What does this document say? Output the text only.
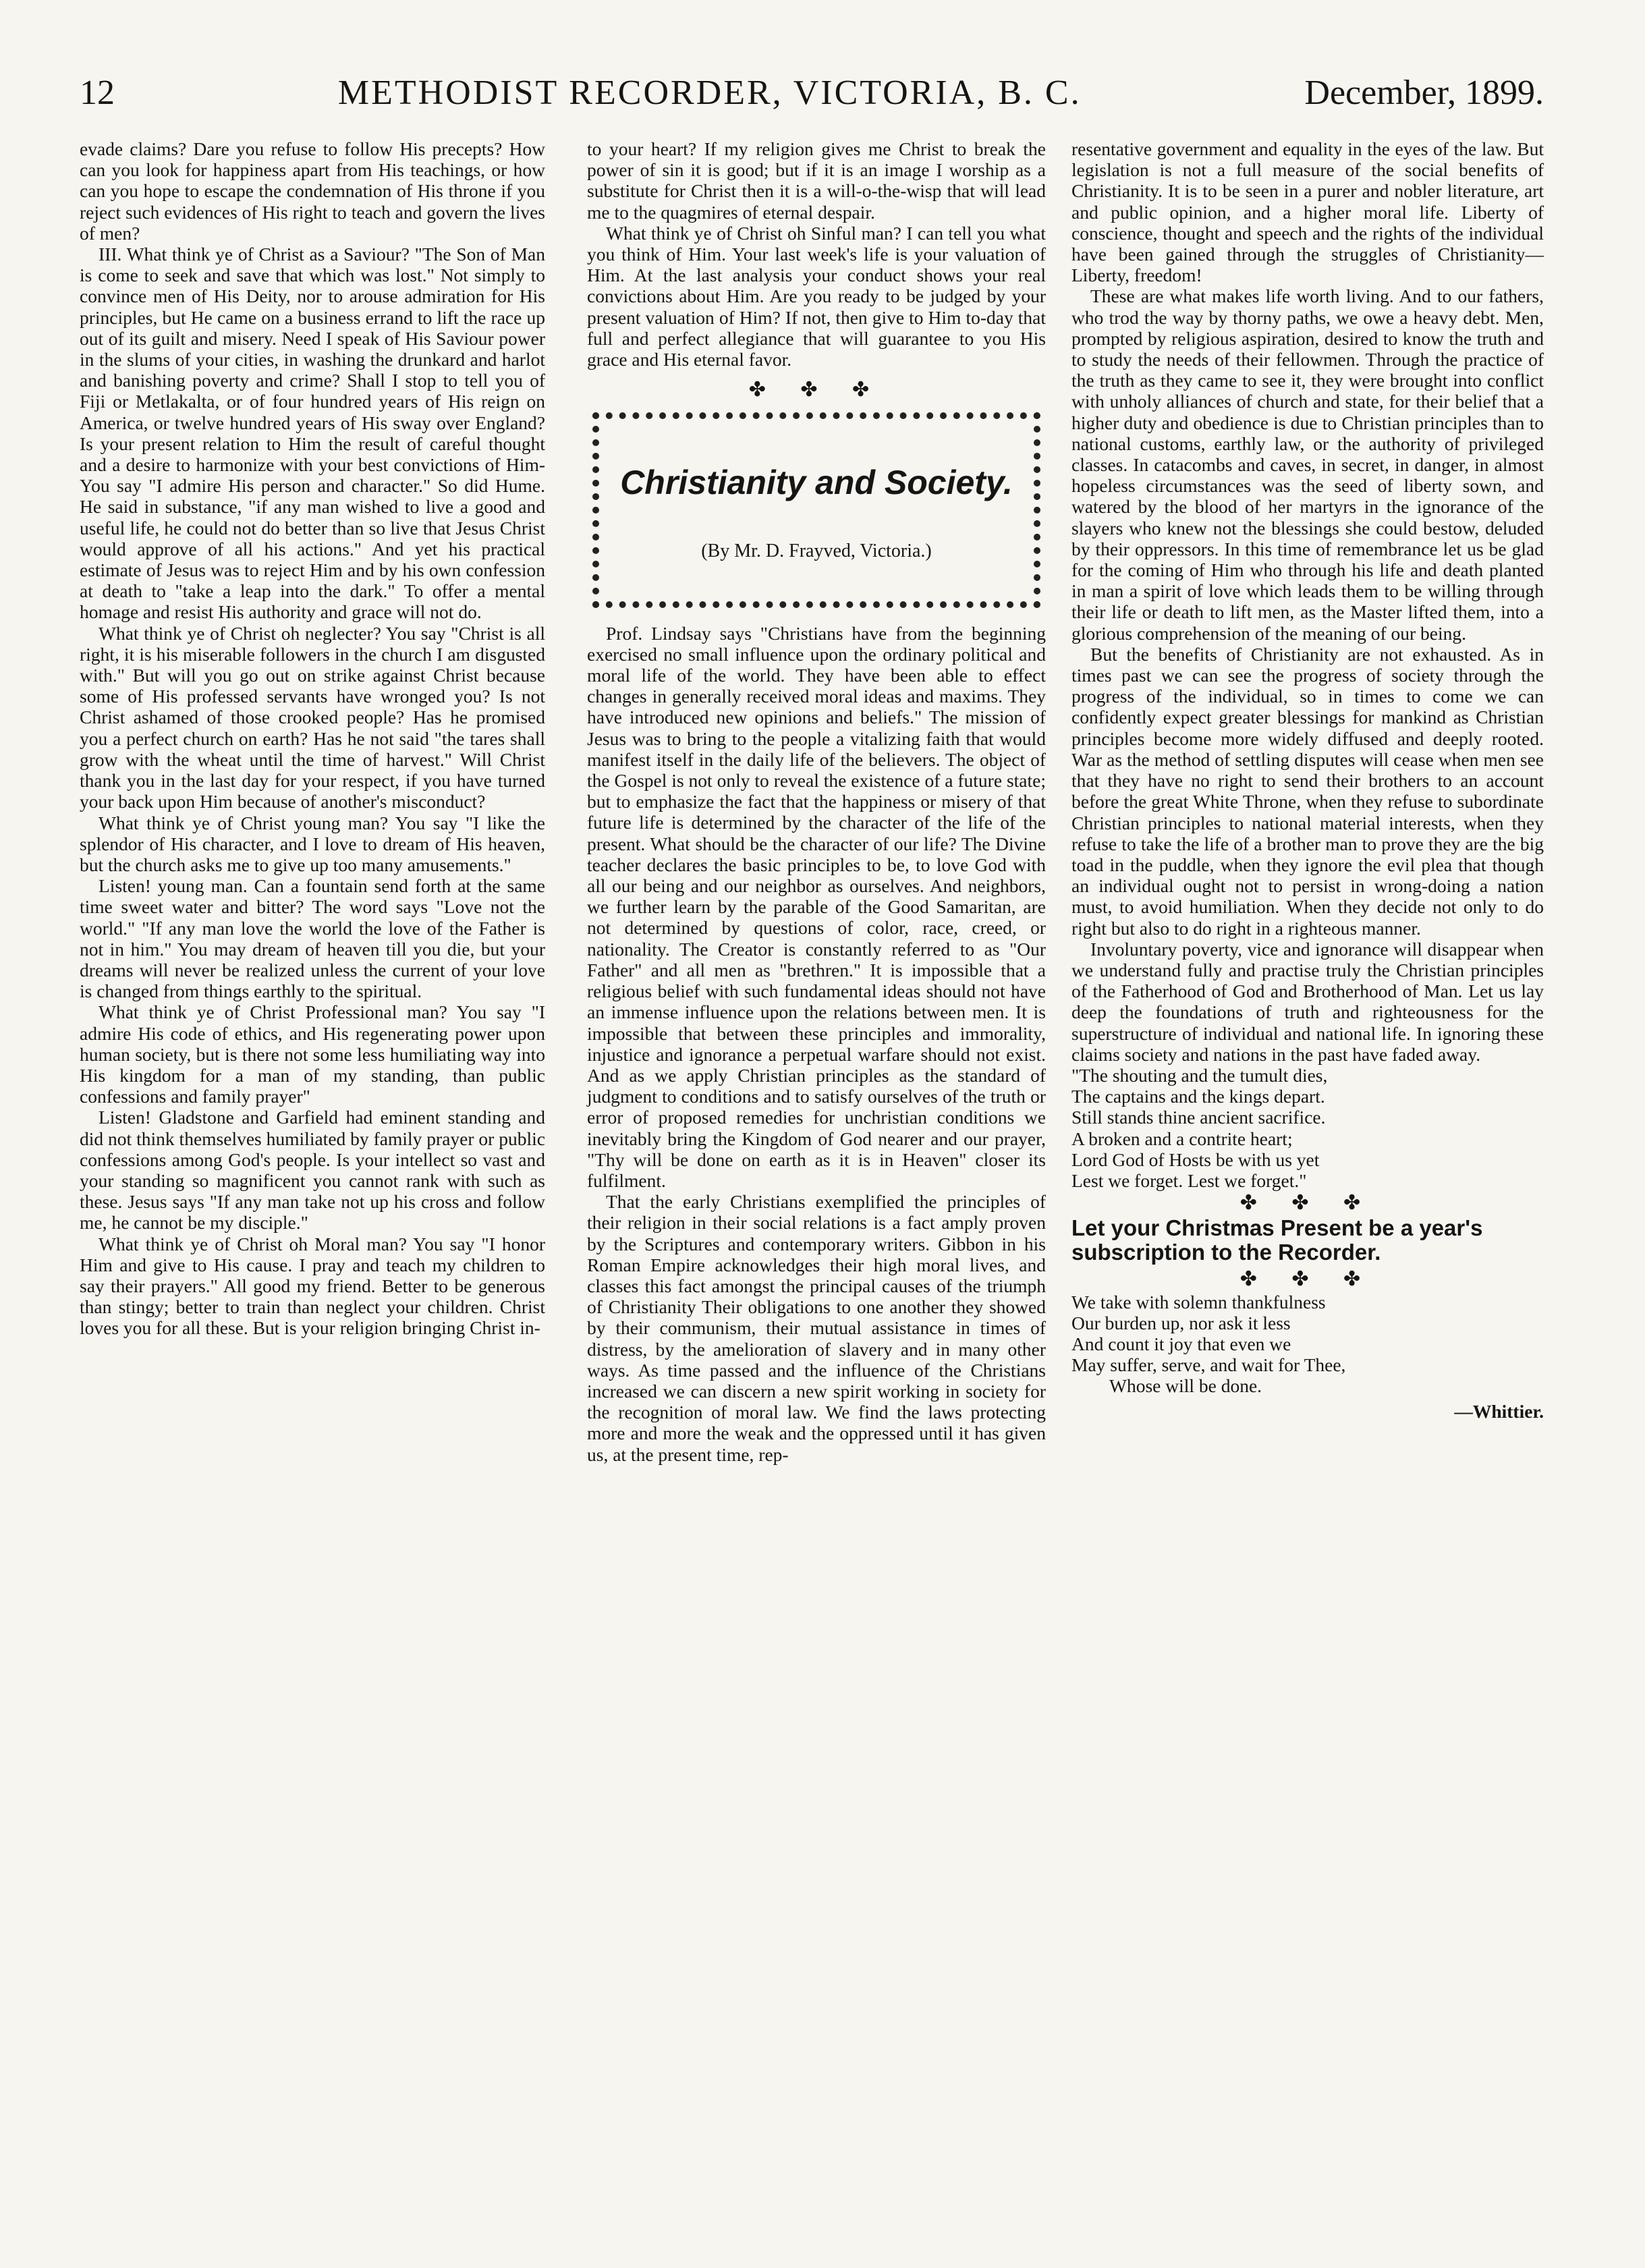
12	METHODIST RECORDER, VICTORIA, B. C.	December, 1899.

evade claims? Dare you refuse to follow His precepts? How can you look for happiness apart from His teachings, or how can you hope to escape the condemnation of His throne if you reject such evidences of His right to teach and govern the lives of men?

III. What think ye of Christ as a Saviour? "The Son of Man is come to seek and save that which was lost." Not simply to convince men of His Deity, nor to arouse admiration for His principles, but He came on a business errand to lift the race up out of its guilt and misery. Need I speak of His Saviour power in the slums of your cities, in washing the drunkard and harlot and banishing poverty and crime? Shall I stop to tell you of Fiji or Metlakalta, or of four hundred years of His reign on America, or twelve hundred years of His sway over England? Is your present relation to Him the result of careful thought and a desire to harmonize with your best convictions of Him- You say "I admire His person and character." So did Hume. He said in substance, "if any man wished to live a good and useful life, he could not do better than so live that Jesus Christ would approve of all his actions." And yet his practical estimate of Jesus was to reject Him and by his own confession at death to "take a leap into the dark." To offer a mental homage and resist His authority and grace will not do.

What think ye of Christ oh neglecter? You say "Christ is all right, it is his miserable followers in the church I am disgusted with." But will you go out on strike against Christ because some of His professed servants have wronged you? Is not Christ ashamed of those crooked people? Has he promised you a perfect church on earth? Has he not said "the tares shall grow with the wheat until the time of harvest." Will Christ thank you in the last day for your respect, if you have turned your back upon Him because of another's misconduct?

What think ye of Christ young man? You say "I like the splendor of His character, and I love to dream of His heaven, but the church asks me to give up too many amusements."

Listen! young man. Can a fountain send forth at the same time sweet water and bitter? The word says "Love not the world." "If any man love the world the love of the Father is not in him." You may dream of heaven till you die, but your dreams will never be realized unless the current of your love is changed from things earthly to the spiritual.

What think ye of Christ Professional man? You say "I admire His code of ethics, and His regenerating power upon human society, but is there not some less humiliating way into His kingdom for a man of my standing, than public confessions and family prayer"

Listen! Gladstone and Garfield had eminent standing and did not think themselves humiliated by family prayer or public confessions among God's people. Is your intellect so vast and your standing so magnificent you cannot rank with such as these. Jesus says "If any man take not up his cross and follow me, he cannot be my disciple."

What think ye of Christ oh Moral man? You say "I honor Him and give to His cause. I pray and teach my children to say their prayers." All good my friend. Better to be generous than stingy; better to train than neglect your children. Christ loves you for all these. But is your religion bringing Christ in-

to your heart? If my religion gives me Christ to break the power of sin it is good; but if it is an image I worship as a substitute for Christ then it is a will-o-the-wisp that will lead me to the quagmires of eternal despair.

What think ye of Christ oh Sinful man? I can tell you what you think of Him. Your last week's life is your valuation of Him. At the last analysis your conduct shows your real convictions about Him. Are you ready to be judged by your present valuation of Him? If not, then give to Him to-day that full and perfect allegiance that will guarantee to you His grace and His eternal favor.

✤ ✤ ✤
Christianity and Society.
(By Mr. D. Frayved, Victoria.)

Prof. Lindsay says "Christians have from the beginning exercised no small influence upon the ordinary political and moral life of the world. They have been able to effect changes in generally received moral ideas and maxims. They have introduced new opinions and beliefs." The mission of Jesus was to bring to the people a vitalizing faith that would manifest itself in the daily life of the believers. The object of the Gospel is not only to reveal the existence of a future state; but to emphasize the fact that the happiness or misery of that future life is determined by the character of the life of the present. What should be the character of our life? The Divine teacher declares the basic principles to be, to love God with all our being and our neighbor as ourselves. And neighbors, we further learn by the parable of the Good Samaritan, are not determined by questions of color, race, creed, or nationality. The Creator is constantly referred to as "Our Father" and all men as "brethren." It is impossible that a religious belief with such fundamental ideas should not have an immense influence upon the relations between men. It is impossible that between these principles and immorality, injustice and ignorance a perpetual warfare should not exist. And as we apply Christian principles as the standard of judgment to conditions and to satisfy ourselves of the truth or error of proposed remedies for unchristian conditions we inevitably bring the Kingdom of God nearer and our prayer, "Thy will be done on earth as it is in Heaven" closer its fulfilment.

That the early Christians exemplified the principles of their religion in their social relations is a fact amply proven by the Scriptures and contemporary writers. Gibbon in his Roman Empire acknowledges their high moral lives, and classes this fact amongst the principal causes of the triumph of Christianity Their obligations to one another they showed by their communism, their mutual assistance in times of distress, by the amelioration of slavery and in many other ways. As time passed and the influence of the Christians increased we can discern a new spirit working in society for the recognition of moral law. We find the laws protecting more and more the weak and the oppressed until it has given us, at the present time, rep-

resentative government and equality in the eyes of the law. But legislation is not a full measure of the social benefits of Christianity. It is to be seen in a purer and nobler literature, art and public opinion, and a higher moral life. Liberty of conscience, thought and speech and the rights of the individual have been gained through the struggles of Christianity—Liberty, freedom!

These are what makes life worth living. And to our fathers, who trod the way by thorny paths, we owe a heavy debt. Men, prompted by religious aspiration, desired to know the truth and to study the needs of their fellowmen. Through the practice of the truth as they came to see it, they were brought into conflict with unholy alliances of church and state, for their belief that a higher duty and obedience is due to Christian principles than to national customs, earthly law, or the authority of privileged classes. In catacombs and caves, in secret, in danger, in almost hopeless circumstances was the seed of liberty sown, and watered by the blood of her martyrs in the ignorance of the slayers who knew not the blessings she could bestow, deluded by their oppressors. In this time of remembrance let us be glad for the coming of Him who through his life and death planted in man a spirit of love which leads them to be willing through their life or death to lift men, as the Master lifted them, into a glorious comprehension of the meaning of our being.

But the benefits of Christianity are not exhausted. As in times past we can see the progress of society through the progress of the individual, so in times to come we can confidently expect greater blessings for mankind as Christian principles become more widely diffused and deeply rooted. War as the method of settling disputes will cease when men see that they have no right to send their brothers to an account before the great White Throne, when they refuse to subordinate Christian principles to national material interests, when they refuse to take the life of a brother man to prove they are the big toad in the puddle, when they ignore the evil plea that though an individual ought not to persist in wrong-doing a nation must, to avoid humiliation. When they decide not only to do right but also to do right in a righteous manner.

Involuntary poverty, vice and ignorance will disappear when we understand fully and practise truly the Christian principles of the Fatherhood of God and Brotherhood of Man. Let us lay deep the foundations of truth and righteousness for the superstructure of individual and national life. In ignoring these claims society and nations in the past have faded away.

"The shouting and the tumult dies,
The captains and the kings depart.
Still stands thine ancient sacrifice.
A broken and a contrite heart;
Lord God of Hosts be with us yet
Lest we forget. Lest we forget."

✤ ✤ ✤
Let your Christmas Present be a year's subscription to the Recorder.
✤ ✤ ✤

We take with solemn thankfulness
Our burden up, nor ask it less
And count it joy that even we
May suffer, serve, and wait for Thee,
Whose will be done.

—Whittier.
